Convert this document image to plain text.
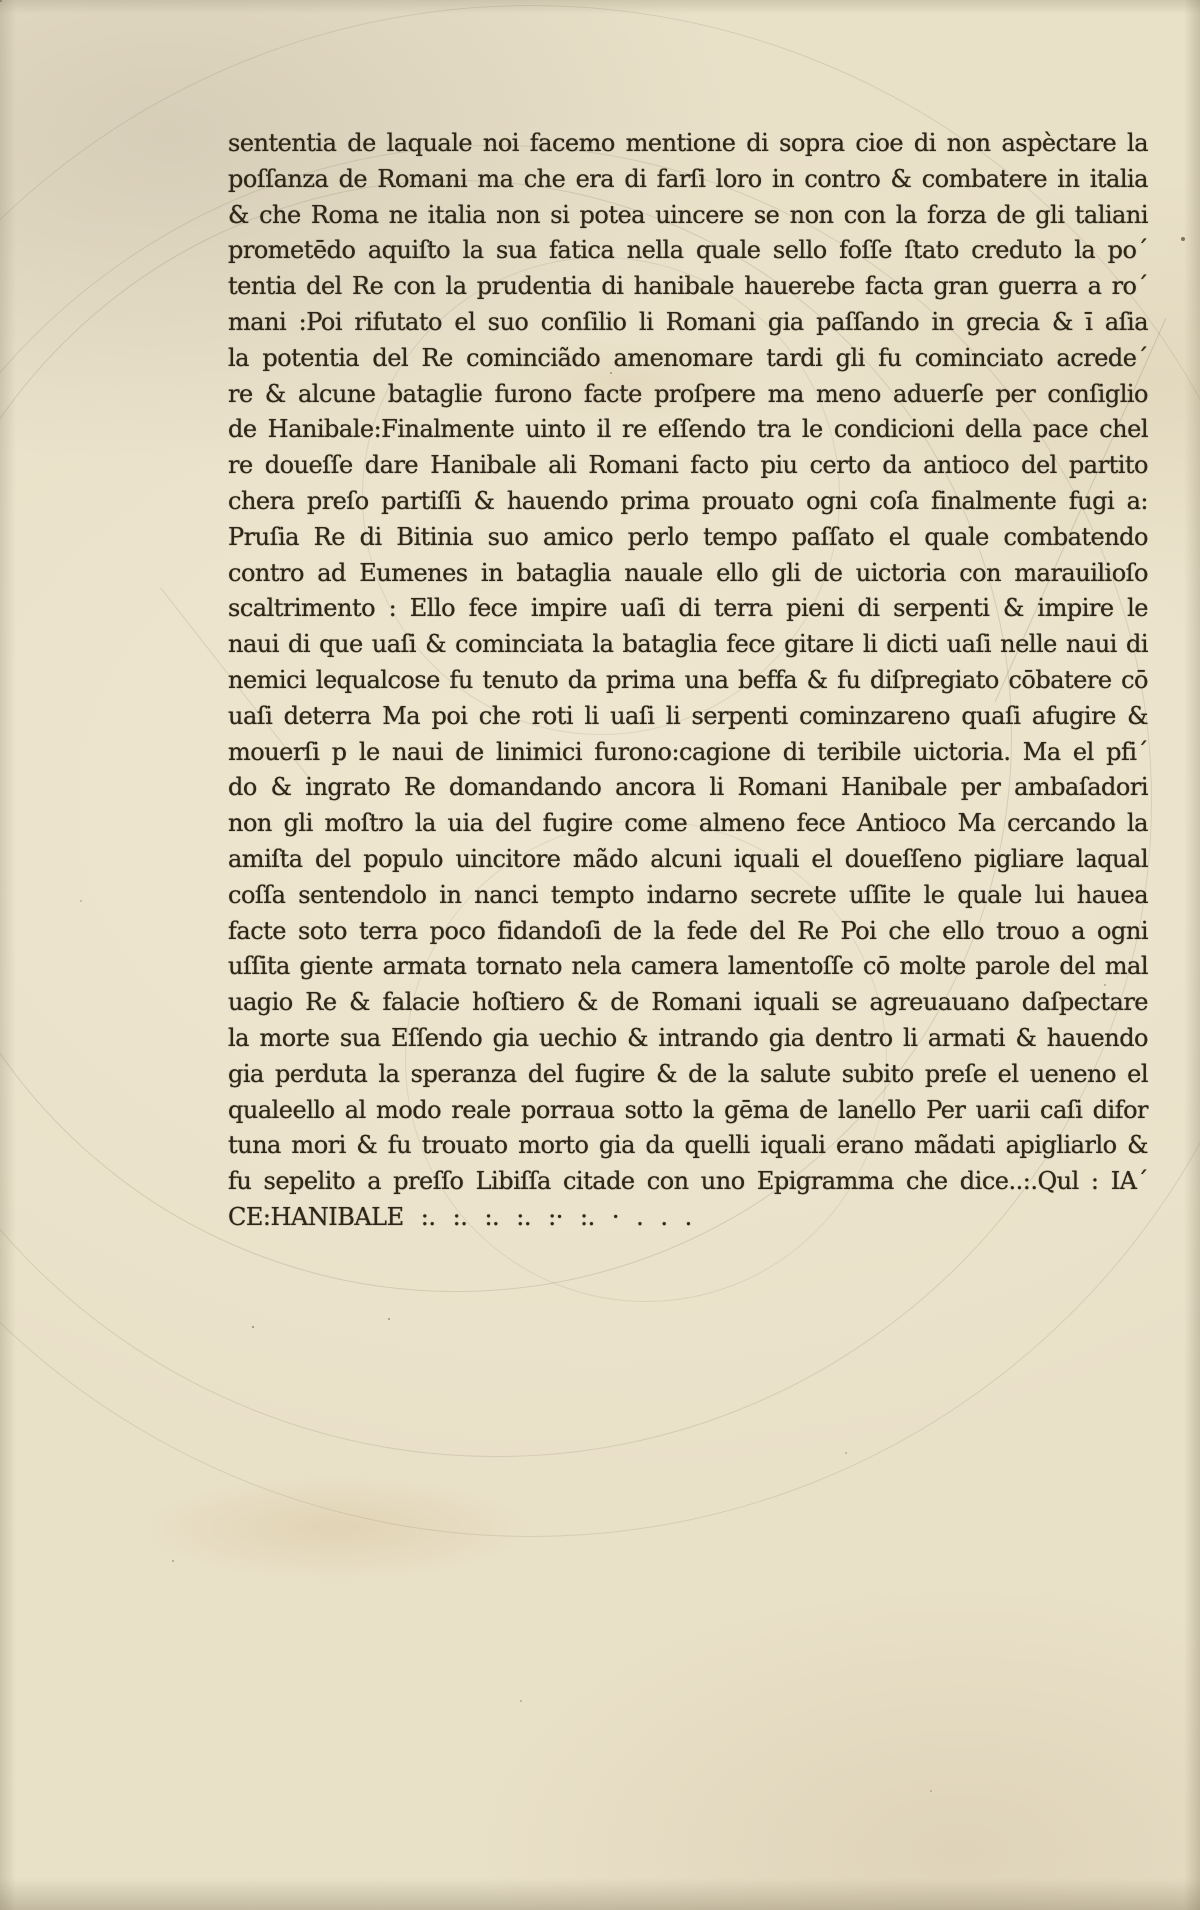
sententia de laquale noi facemo mentione di sopra cioe di non aspèctare la
poſſanza de Romani ma che era di farſi loro in contro & combatere in italia
& che Roma ne italia non si potea uincere se non con la forza de gli taliani
prometēdo aquiſto la sua fatica nella quale sello foſſe ſtato creduto la po´
tentia del Re con la prudentia di hanibale hauerebe facta gran guerra a ro´
mani :Poi rifutato el suo conſilio li Romani gia paſſando in grecia & ī aſia
la potentia del Re cominciãdo amenomare tardi gli fu cominciato acrede´
re & alcune bataglie furono facte proſpere ma meno aduerſe per conſiglio
de Hanibale:Finalmente uinto il re eſſendo tra le condicioni della pace chel
re doueſſe dare Hanibale ali Romani facto piu certo da antioco del partito
chera preſo partiſſi & hauendo prima prouato ogni coſa finalmente fugi a:
Pruſia Re di Bitinia suo amico perlo tempo paſſato el quale combatendo
contro ad Eumenes in bataglia nauale ello gli de uictoria con marauilioſo
scaltrimento : Ello fece impire uaſi di terra pieni di serpenti & impire le
naui di que uaſi & cominciata la bataglia fece gitare li dicti uaſi nelle naui di
nemici lequalcose fu tenuto da prima una beffa & fu diſpregiato cōbatere cō
uaſi deterra Ma poi che roti li uaſi li serpenti cominzareno quaſi afugire &
mouerſi p le naui de linimici furono:cagione di teribile uictoria. Ma el pfi´
do & ingrato Re domandando ancora li Romani Hanibale per ambaſadori
non gli moſtro la uia del fugire come almeno fece Antioco Ma cercando la
amiſta del populo uincitore mãdo alcuni iquali el doueſſeno pigliare laqual
coſſa sentendolo in nanci tempto indarno secrete uſſite le quale lui hauea
facte soto terra poco fidandoſi de la fede del Re Poi che ello trouo a ogni
uſſita giente armata tornato nela camera lamentoſſe cō molte parole del mal
uagio Re & falacie hoſtiero & de Romani iquali se agreuauano daſpectare
la morte sua Eſſendo gia uechio & intrando gia dentro li armati & hauendo
gia perduta la speranza del fugire & de la salute subito preſe el ueneno el
qualeello al modo reale porraua sotto la gēma de lanello Per uarii caſi difor
tuna mori & fu trouato morto gia da quelli iquali erano mãdati apigliarlo &
fu sepelito a preſſo Libiſſa citade con uno Epigramma che dice..:.Qul : IA´
CE:HANIBALE :. :. :. :. :· :. · . . .
